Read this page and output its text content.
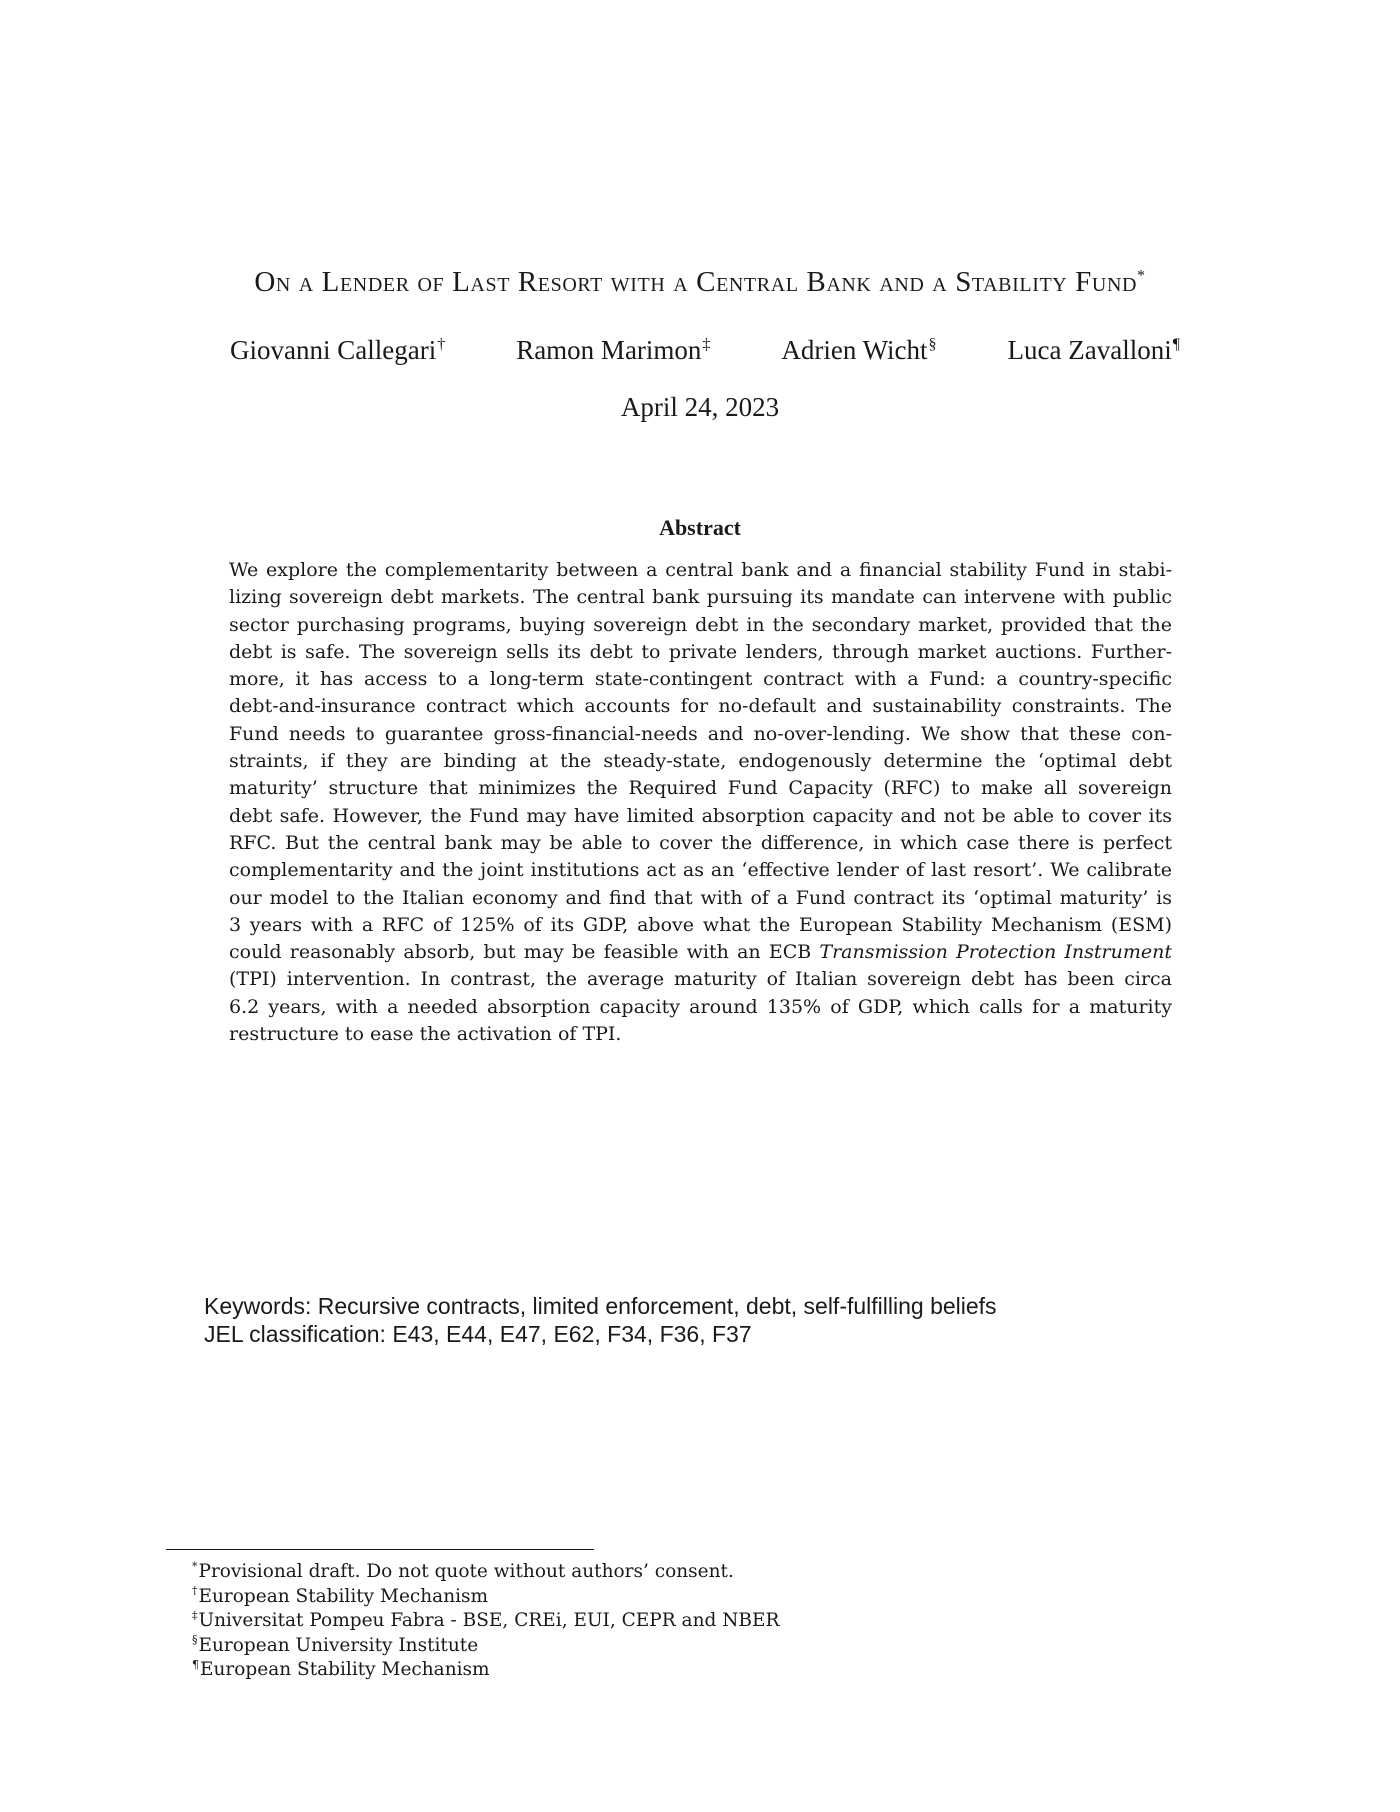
On a Lender of Last Resort with a Central Bank and a Stability Fund*
Giovanni Callegari†	Ramon Marimon‡	Adrien Wicht§	Luca Zavalloni¶
April 24, 2023
Abstract
We explore the complementarity between a central bank and a financial stability Fund in stabi-
lizing sovereign debt markets. The central bank pursuing its mandate can intervene with public
sector purchasing programs, buying sovereign debt in the secondary market, provided that the
debt is safe. The sovereign sells its debt to private lenders, through market auctions. Further-
more, it has access to a long-term state-contingent contract with a Fund: a country-specific
debt-and-insurance contract which accounts for no-default and sustainability constraints. The
Fund needs to guarantee gross-financial-needs and no-over-lending. We show that these con-
straints, if they are binding at the steady-state, endogenously determine the ‘optimal debt
maturity’ structure that minimizes the Required Fund Capacity (RFC) to make all sovereign
debt safe. However, the Fund may have limited absorption capacity and not be able to cover its
RFC. But the central bank may be able to cover the difference, in which case there is perfect
complementarity and the joint institutions act as an ‘effective lender of last resort’. We calibrate
our model to the Italian economy and find that with of a Fund contract its ‘optimal maturity’ is
3 years with a RFC of 125% of its GDP, above what the European Stability Mechanism (ESM)
could reasonably absorb, but may be feasible with an ECB Transmission Protection Instrument
(TPI) intervention. In contrast, the average maturity of Italian sovereign debt has been circa
6.2 years, with a needed absorption capacity around 135% of GDP, which calls for a maturity
restructure to ease the activation of TPI.
Keywords: Recursive contracts, limited enforcement, debt, self-fulfilling beliefs
JEL classification: E43, E44, E47, E62, F34, F36, F37
*Provisional draft. Do not quote without authors’ consent.
†European Stability Mechanism
‡Universitat Pompeu Fabra - BSE, CREi, EUI, CEPR and NBER
§European University Institute
¶European Stability Mechanism
